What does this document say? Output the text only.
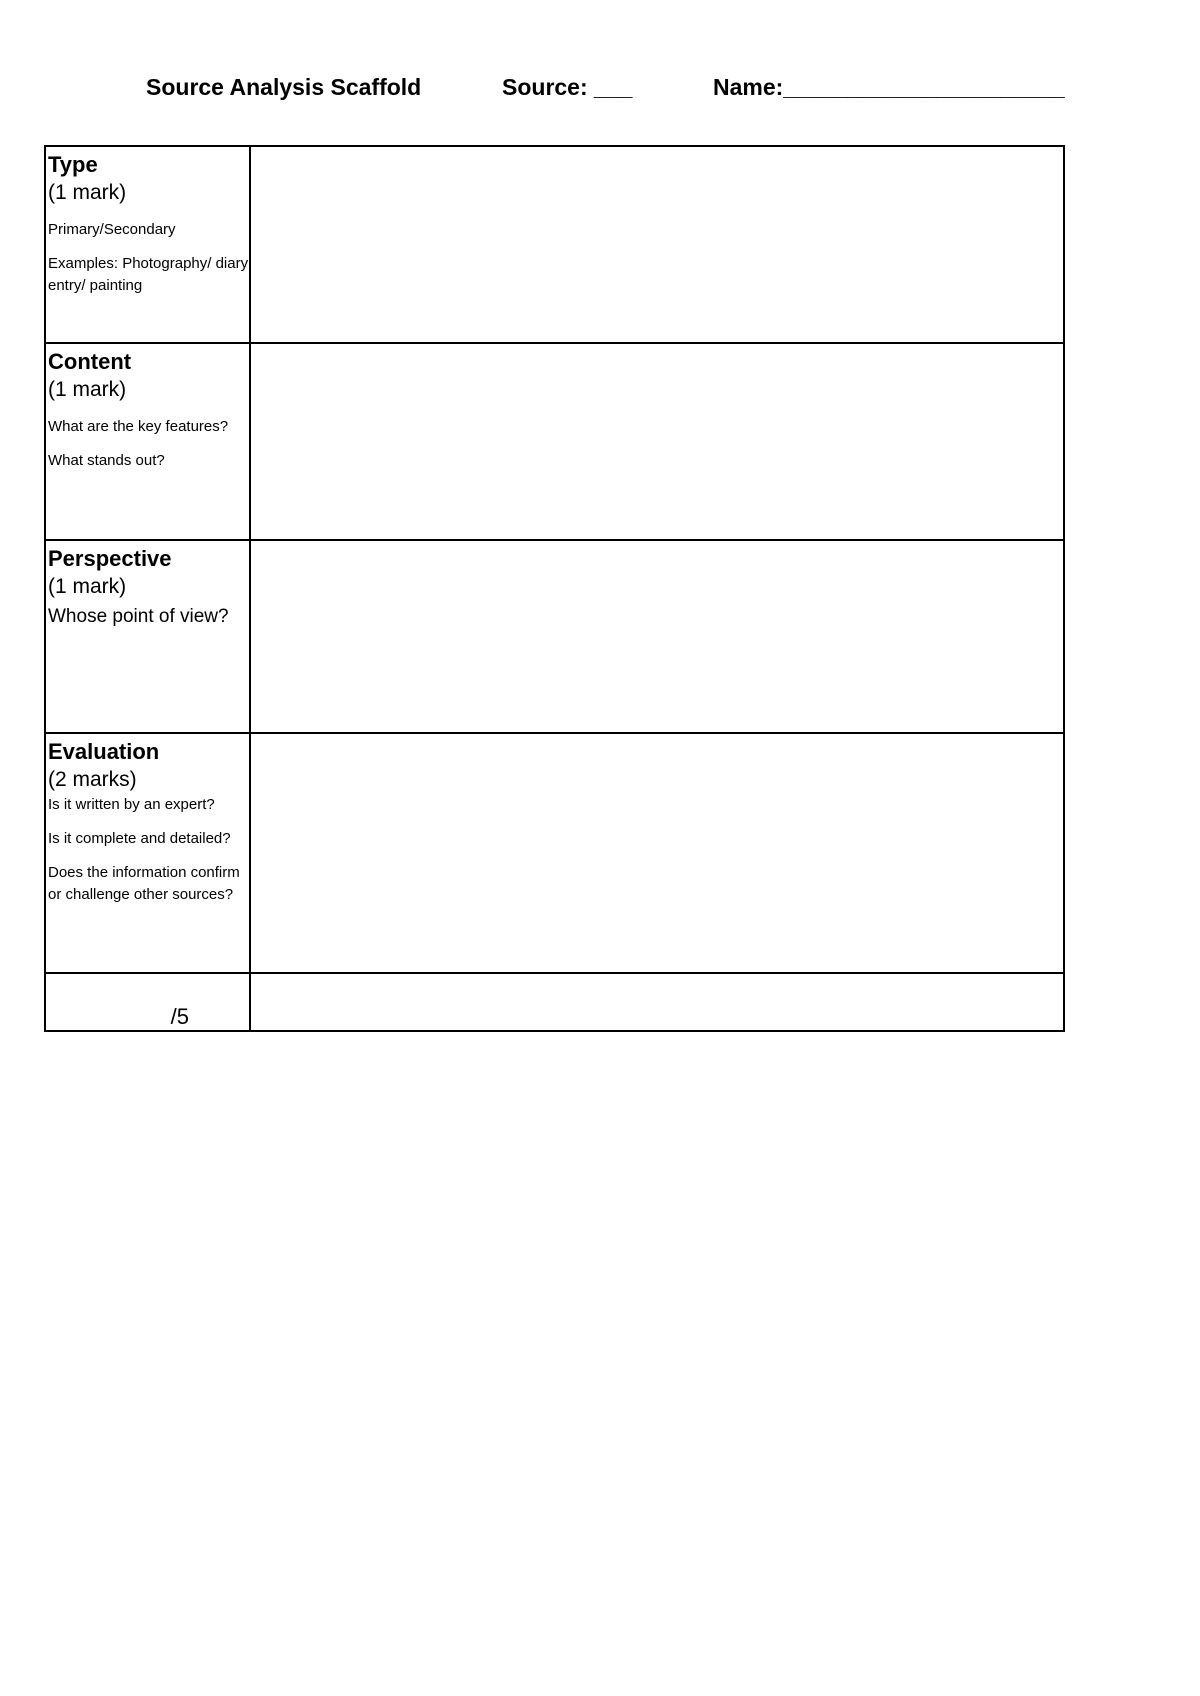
Source Analysis Scaffold	Source: ___	Name:______________________
Type
(1 mark)
Primary/Secondary
Examples: Photography/ diary entry/ painting	

Content
(1 mark)
What are the key features?
What stands out?	

Perspective
(1 mark)
Whose point of view?	

Evaluation
(2 marks)
Is it written by an expert?
Is it complete and detailed?
Does the information confirm or challenge other sources?	

/5	
